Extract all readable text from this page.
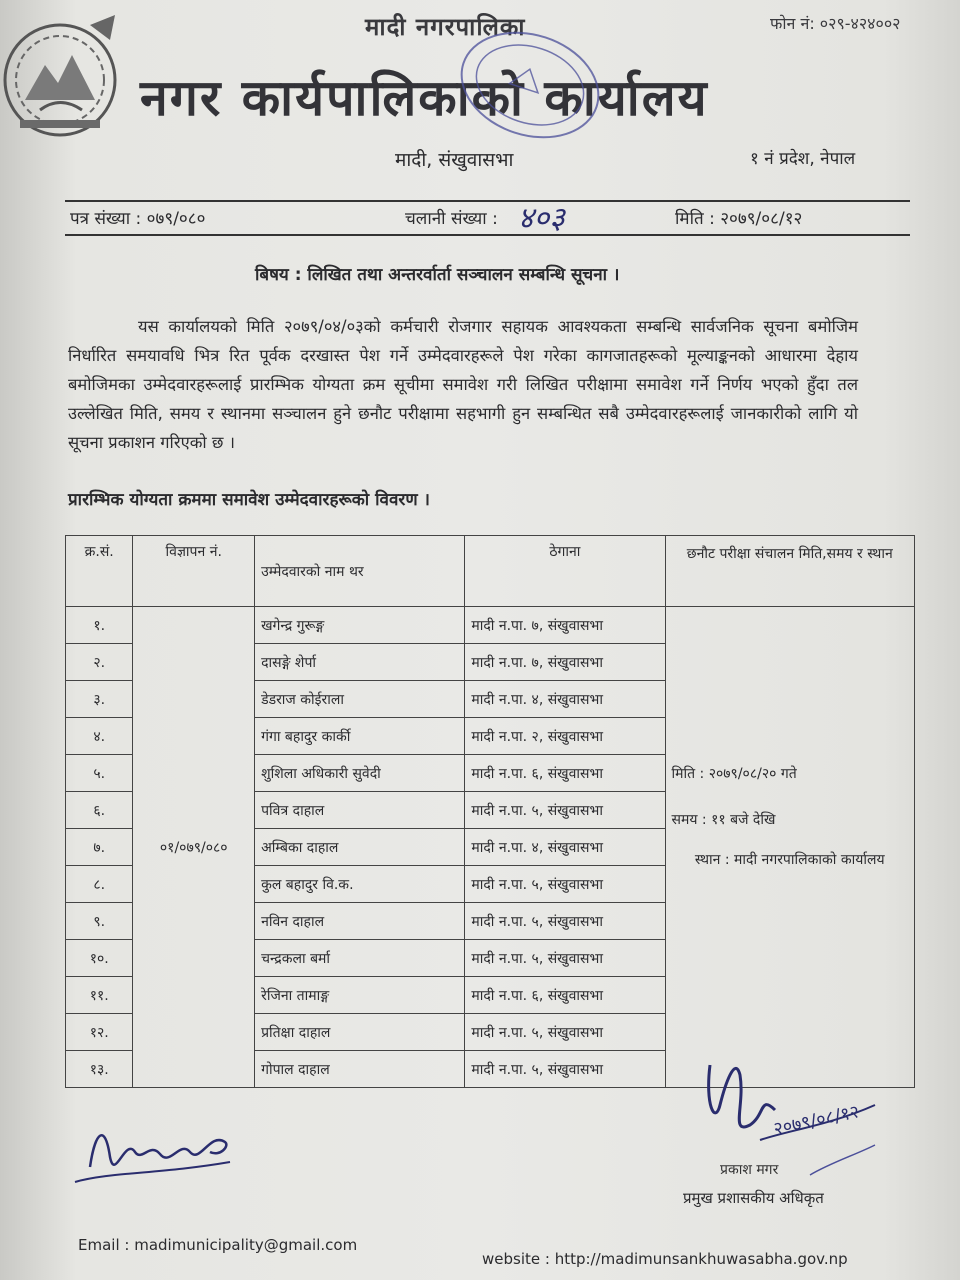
मादी नगरपालिका	फोन नं: ०२९-४२४००२
नगर कार्यपालिकाको कार्यालय
मादी, संखुवासभा	१ नं प्रदेश, नेपाल
पत्र संख्या : ०७९/०८०	चलानी संख्या : ४०३	मिति : २०७९/०८/१२
बिषय : लिखित तथा अन्तरर्वार्ता सञ्चालन सम्बन्धि सूचना ।
यस कार्यालयको मिति २०७९/०४/०३को कर्मचारी रोजगार सहायक आवश्यकता सम्बन्धि सार्वजनिक सूचना बमोजिम निर्धारित समयावधि भित्र रित पूर्वक दरखास्त पेश गर्ने उम्मेदवारहरूले पेश गरेका कागजातहरूको मूल्याङ्कनको आधारमा देहाय बमोजिमका उम्मेदवारहरूलाई प्रारम्भिक योग्यता क्रम सूचीमा समावेश गरी लिखित परीक्षामा समावेश गर्ने निर्णय भएको हुँदा तल उल्लेखित मिति, समय र स्थानमा सञ्चालन हुने छनौट परीक्षामा सहभागी हुन सम्बन्धित सबै उम्मेदवारहरूलाई जानकारीको लागि यो सूचना प्रकाशन गरिएको छ ।
प्रारम्भिक योग्यता क्रममा समावेश उम्मेदवारहरूको विवरण ।
क्र.सं.	विज्ञापन नं.	उम्मेदवारको नाम थर	ठेगाना	छनौट परीक्षा संचालन मिति,समय र स्थान
१.	०१/०७९/०८०	खगेन्द्र गुरूङ्ग	मादी न.पा. ७, संखुवासभा	मिति : २०७९/०८/२० गते
समय : ११ बजे देखि
स्थान : मादी नगरपालिकाको कार्यालय

२.		दासङ्गे शेर्पा	मादी न.पा. ७, संखुवासभा	
३.		डेडराज कोईराला	मादी न.पा. ४, संखुवासभा	
४.		गंगा बहादुर कार्की	मादी न.पा. २, संखुवासभा	
५.		शुशिला अधिकारी सुवेदी	मादी न.पा. ६, संखुवासभा	
६.		पवित्र दाहाल	मादी न.पा. ५, संखुवासभा	
७.		अम्बिका दाहाल	मादी न.पा. ४, संखुवासभा	
८.		कुल बहादुर वि.क.	मादी न.पा. ५, संखुवासभा	
९.		नविन दाहाल	मादी न.पा. ५, संखुवासभा	
१०.		चन्द्रकला बर्मा	मादी न.पा. ५, संखुवासभा	
११.		रेजिना तामाङ्ग	मादी न.पा. ६, संखुवासभा	
१२.		प्रतिक्षा दाहाल	मादी न.पा. ५, संखुवासभा	
१३.		गोपाल दाहाल	मादी न.पा. ५, संखुवासभा	
२०७९/०८/१२
प्रकाश मगर
प्रमुख प्रशासकीय अधिकृत
Email : madimunicipality@gmail.com
website : http://madimunsankhuwasabha.gov.np
